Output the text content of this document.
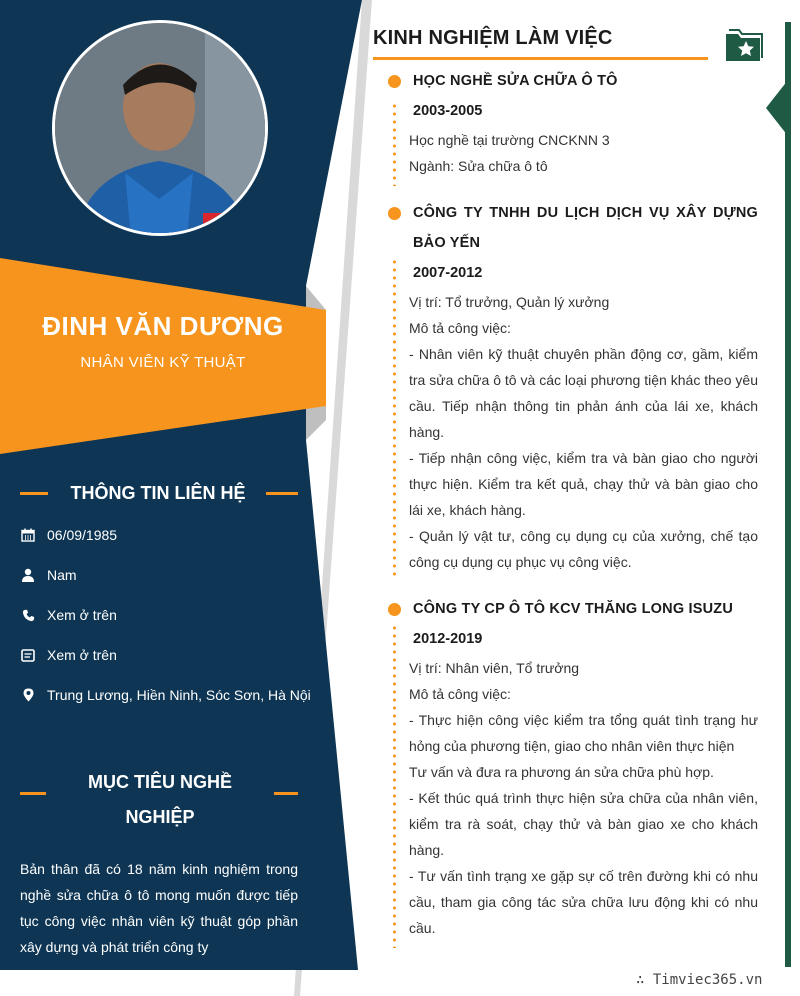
ĐINH VĂN DƯƠNG
NHÂN VIÊN KỸ THUẬT
THÔNG TIN LIÊN HỆ
06/09/1985
Nam
Xem ở trên
Xem ở trên
Trung Lương, Hiền Ninh, Sóc Sơn, Hà Nội
MỤC TIÊU NGHỀ
NGHIỆP
Bản thân đã có 18 năm kinh nghiệm trong nghề sửa chữa ô tô mong muốn được tiếp tục công việc nhân viên kỹ thuật góp phần xây dựng và phát triển công ty
KINH NGHIỆM LÀM VIỆC
HỌC NGHỀ SỬA CHỮA Ô TÔ
2003-2005

Học nghề tại trường CNCKNN 3

Ngành: Sửa chữa ô tô

CÔNG TY TNHH DU LỊCH DỊCH VỤ XÂY DỰNG BẢO YẾN
2007-2012

Vị trí: Tổ trưởng, Quản lý xưởng

Mô tả công việc:

- Nhân viên kỹ thuật chuyên phần động cơ, gầm, kiểm tra sửa chữa ô tô và các loại phương tiện khác theo yêu cầu. Tiếp nhận thông tin phản ánh của lái xe, khách hàng.

- Tiếp nhận công việc, kiểm tra và bàn giao cho người thực hiện. Kiểm tra kết quả, chạy thử và bàn giao cho lái xe, khách hàng.

- Quản lý vật tư, công cụ dụng cụ của xưởng, chế tạo công cụ dụng cụ phục vụ công việc.

CÔNG TY CP Ô TÔ KCV THĂNG LONG ISUZU
2012-2019

Vị trí: Nhân viên, Tổ trưởng

Mô tả công việc:

- Thực hiện công việc kiểm tra tổng quát tình trạng hư hỏng của phương tiện, giao cho nhân viên thực hiện

Tư vấn và đưa ra phương án sửa chữa phù hợp.

- Kết thúc quá trình thực hiện sửa chữa của nhân viên, kiểm tra rà soát, chạy thử và bàn giao xe cho khách hàng.

- Tư vấn tình trạng xe gặp sự cố trên đường khi có nhu cầu, tham gia công tác sửa chữa lưu động khi có nhu cầu.

∴ Timviec365.vn
